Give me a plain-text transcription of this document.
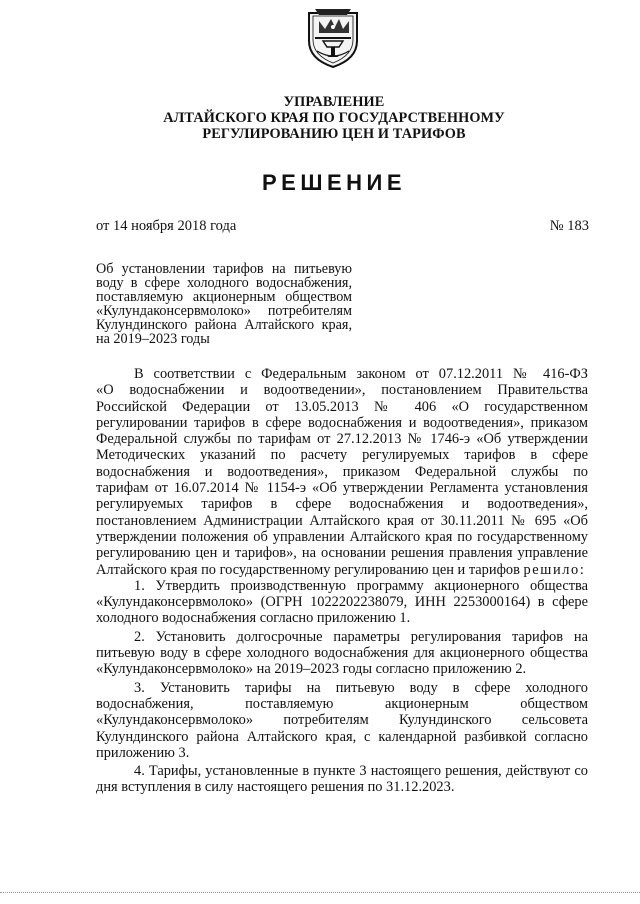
УПРАВЛЕНИЕ
АЛТАЙСКОГО КРАЯ ПО ГОСУДАРСТВЕННОМУ
РЕГУЛИРОВАНИЮ ЦЕН И ТАРИФОВ
РЕШЕНИЕ
от 14 ноября 2018 года	№ 183
Об установлении тарифов на питьевую
воду в сфере холодного водоснабжения,
поставляемую акционерным обществом
«Кулундаконсервмолоко» потребителям
Кулундинского района Алтайского края,
на 2019–2023 годы
В соответствии с Федеральным законом от 07.12.2011 № 416-ФЗ
«О водоснабжении и водоотведении», постановлением Правительства
Российской Федерации от 13.05.2013 № 406 «О государственном
регулировании тарифов в сфере водоснабжения и водоотведения», приказом
Федеральной службы по тарифам от 27.12.2013 № 1746-э «Об утверждении
Методических указаний по расчету регулируемых тарифов в сфере
водоснабжения и водоотведения», приказом Федеральной службы по
тарифам от 16.07.2014 № 1154-э «Об утверждении Регламента установления
регулируемых тарифов в сфере водоснабжения и водоотведения»,
постановлением Администрации Алтайского края от 30.11.2011 № 695 «Об
утверждении положения об управлении Алтайского края по государственному
регулированию цен и тарифов», на основании решения правления управление
Алтайского края по государственному регулированию цен и тарифов решило:
1. Утвердить производственную программу акционерного общества
«Кулундаконсервмолоко» (ОГРН 1022202238079, ИНН 2253000164) в сфере
холодного водоснабжения согласно приложению 1.
2. Установить долгосрочные параметры регулирования тарифов на
питьевую воду в сфере холодного водоснабжения для акционерного общества
«Кулундаконсервмолоко» на 2019–2023 годы согласно приложению 2.
3. Установить тарифы на питьевую воду в сфере холодного
водоснабжения, поставляемую акционерным обществом
«Кулундаконсервмолоко» потребителям Кулундинского сельсовета
Кулундинского района Алтайского края, с календарной разбивкой согласно
приложению 3.
4. Тарифы, установленные в пункте 3 настоящего решения, действуют со
дня вступления в силу настоящего решения по 31.12.2023.
